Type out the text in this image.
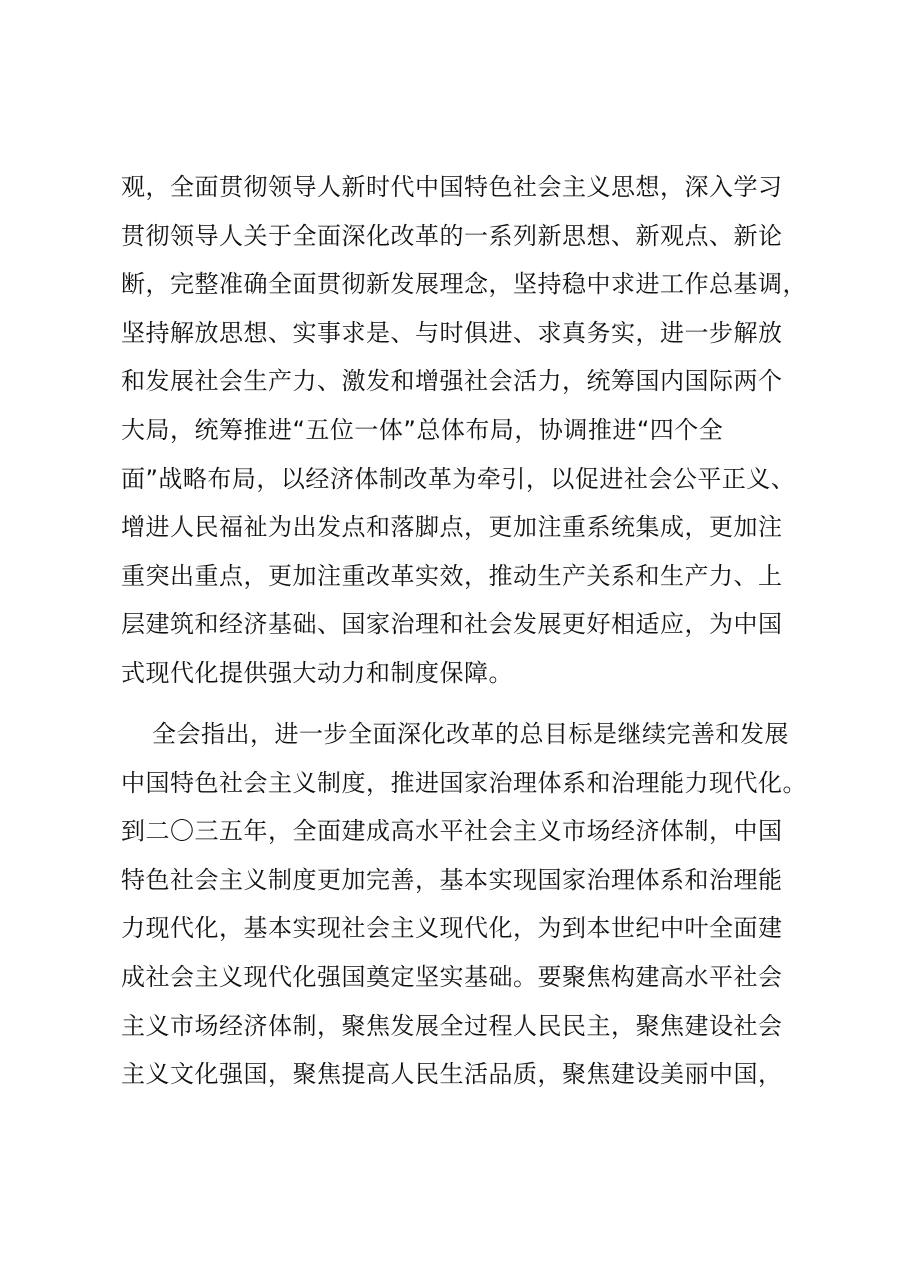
观，全面贯彻领导人新时代中国特色社会主义思想，深入学习
贯彻领导人关于全面深化改革的一系列新思想、新观点、新论
断，完整准确全面贯彻新发展理念，坚持稳中求进工作总基调，
坚持解放思想、实事求是、与时俱进、求真务实，进一步解放
和发展社会生产力、激发和增强社会活力，统筹国内国际两个
大局，统筹推进“五位一体”总体布局，协调推进“四个全
面”战略布局，以经济体制改革为牵引，以促进社会公平正义、
增进人民福祉为出发点和落脚点，更加注重系统集成，更加注
重突出重点，更加注重改革实效，推动生产关系和生产力、上
层建筑和经济基础、国家治理和社会发展更好相适应，为中国
式现代化提供强大动力和制度保障。
全会指出，进一步全面深化改革的总目标是继续完善和发展
中国特色社会主义制度，推进国家治理体系和治理能力现代化。
到二〇三五年，全面建成高水平社会主义市场经济体制，中国
特色社会主义制度更加完善，基本实现国家治理体系和治理能
力现代化，基本实现社会主义现代化，为到本世纪中叶全面建
成社会主义现代化强国奠定坚实基础。要聚焦构建高水平社会
主义市场经济体制，聚焦发展全过程人民民主，聚焦建设社会
主义文化强国，聚焦提高人民生活品质，聚焦建设美丽中国，
